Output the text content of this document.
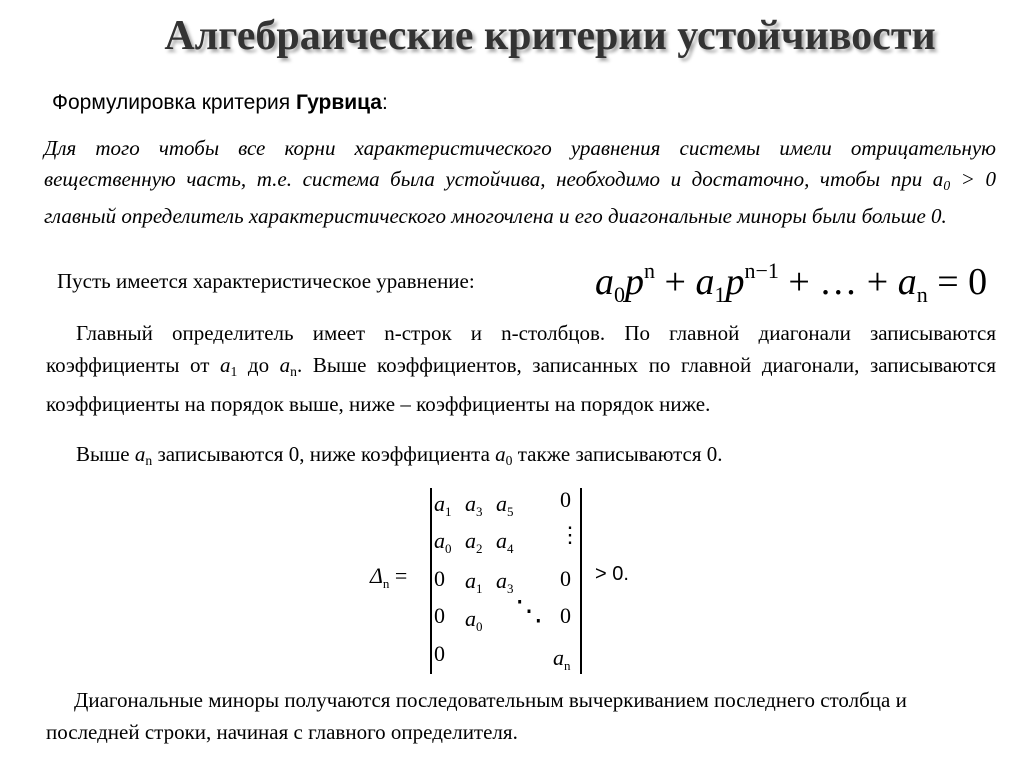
Алгебраические критерии устойчивости
Формулировка критерия Гурвица:
Для того чтобы все корни характеристического уравнения системы имели отрицательную вещественную часть, т.е. система была устойчива, необходимо и достаточно, чтобы при $a_0 > 0$ главный определитель характеристического многочлена и его диагональные миноры были больше 0.
Пусть имеется характеристическое уравнение:	$a_0p^n + a_1p^{n-1}$ + … + $a_n = 0$
Главный определитель имеет n-строк и n-столбцов. По главной диагонали записываются коэффициенты от $a_1$ до $a_n$. Выше коэффициентов, записанных по главной диагонали, записываются коэффициенты на порядок выше, ниже – коэффициенты на порядок ниже.
Выше $a_n$ записываются 0, ниже коэффициента $a_0$ также записываются 0.
$\Delta_n$ =
$a_1$ $a_3$ $a_5$ 0
$a_0$ $a_2$ $a_4$
⋮
0 $a_1$ $a_3$ 0
0 $a_0$ ⋱ 0
0	$a_n$
> 0.
Диагональные миноры получаются последовательным вычеркиванием последнего столбца и последней строки, начиная с главного определителя.
